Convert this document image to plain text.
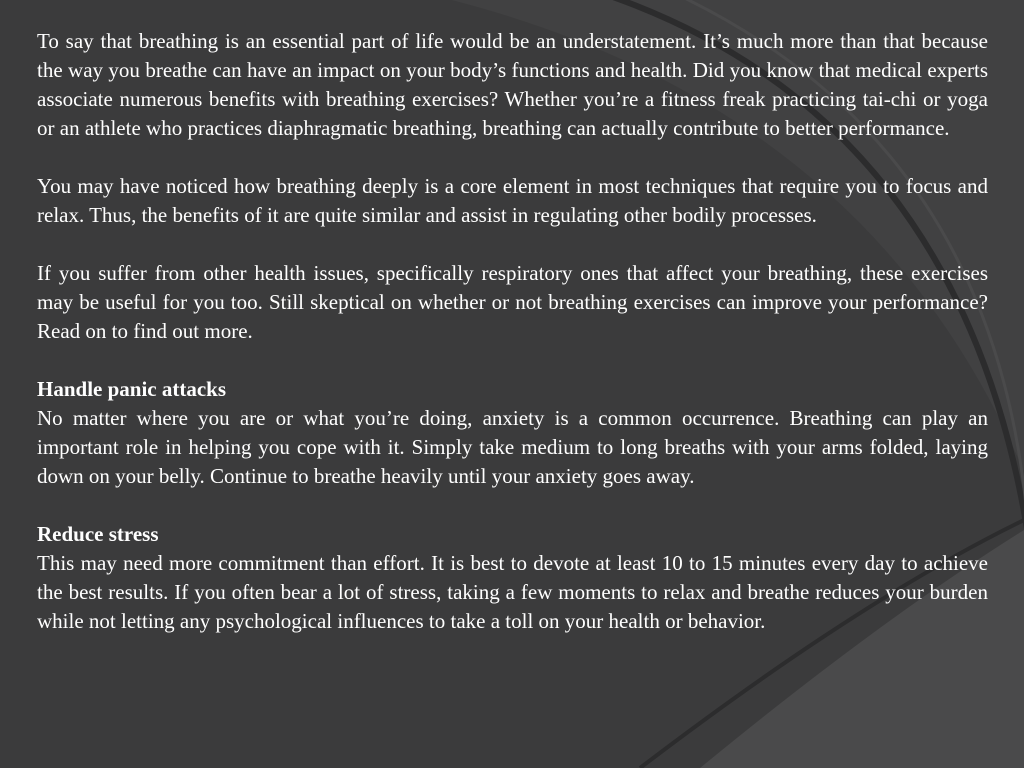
To say that breathing is an essential part of life would be an understatement. It’s much more than that because the way you breathe can have an impact on your body’s functions and health. Did you know that medical experts associate numerous benefits with breathing exercises? Whether you’re a fitness freak practicing tai-chi or yoga or an athlete who practices diaphragmatic breathing, breathing can actually contribute to better performance.

You may have noticed how breathing deeply is a core element in most techniques that require you to focus and relax. Thus, the benefits of it are quite similar and assist in regulating other bodily processes.

If you suffer from other health issues, specifically respiratory ones that affect your breathing, these exercises may be useful for you too. Still skeptical on whether or not breathing exercises can improve your performance? Read on to find out more.

Handle panic attacks
No matter where you are or what you’re doing, anxiety is a common occurrence. Breathing can play an important role in helping you cope with it. Simply take medium to long breaths with your arms folded, laying down on your belly. Continue to breathe heavily until your anxiety goes away.

Reduce stress
This may need more commitment than effort. It is best to devote at least 10 to 15 minutes every day to achieve the best results. If you often bear a lot of stress, taking a few moments to relax and breathe reduces your burden while not letting any psychological influences to take a toll on your health or behavior.
